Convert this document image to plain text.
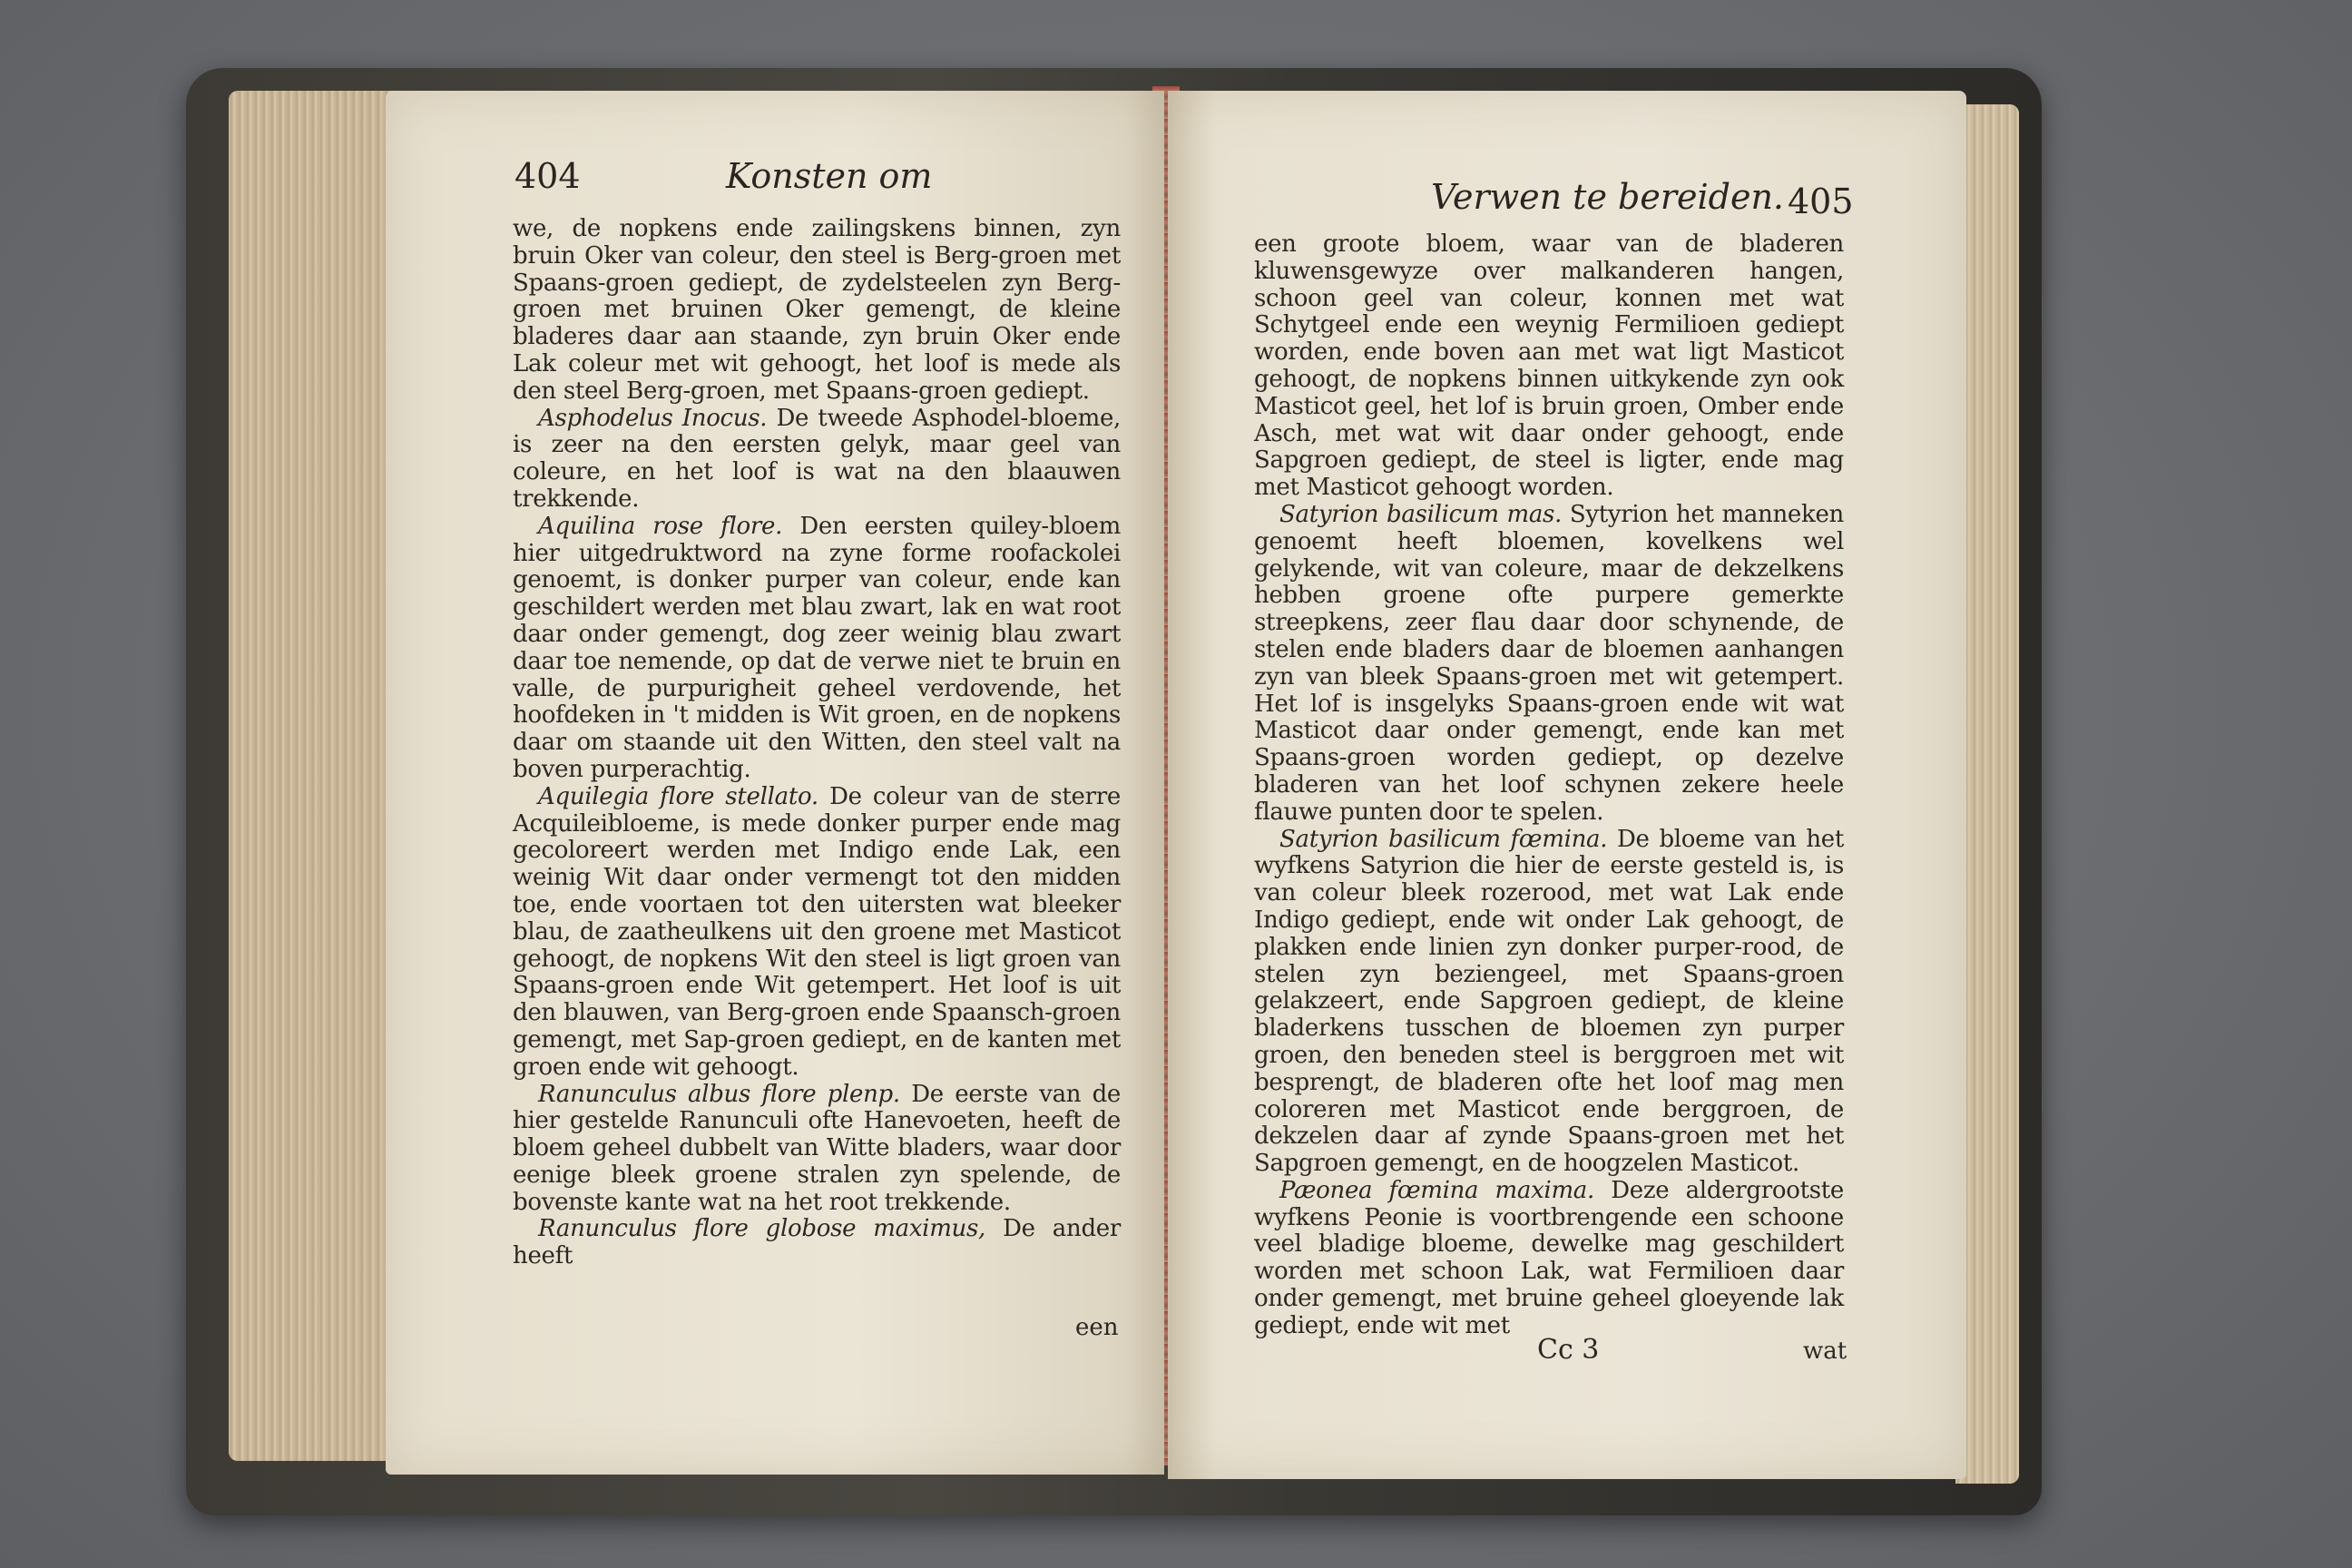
404	Konsten om

we, de nopkens ende zailingskens binnen, zyn bruin Oker van coleur, den steel is Berg-groen met Spaans-groen gediept, de zydelsteelen zyn Berg-groen met bruinen Oker gemengt, de kleine bladeres daar aan staande, zyn bruin Oker ende Lak coleur met wit gehoogt, het loof is mede als den steel Berg-groen, met Spaans-groen gediept.

Asphodelus Inocus. De tweede Asphodel-bloeme, is zeer na den eersten gelyk, maar geel van coleure, en het loof is wat na den blaauwen trekkende.

Aquilina rose flore. Den eersten quiley-bloem hier uitgedruktword na zyne forme roofackolei genoemt, is donker purper van coleur, ende kan geschildert werden met blau zwart, lak en wat root daar onder gemengt, dog zeer weinig blau zwart daar toe nemende, op dat de verwe niet te bruin en valle, de purpurigheit geheel verdovende, het hoofdeken in 't midden is Wit groen, en de nopkens daar om staande uit den Witten, den steel valt na boven purperachtig.

Aquilegia flore stellato. De coleur van de sterre Acquileibloeme, is mede donker purper ende mag gecoloreert werden met Indigo ende Lak, een weinig Wit daar onder vermengt tot den midden toe, ende voortaen tot den uitersten wat bleeker blau, de zaatheulkens uit den groene met Masticot gehoogt, de nopkens Wit den steel is ligt groen van Spaans-groen ende Wit getempert. Het loof is uit den blauwen, van Berg-groen ende Spaansch-groen gemengt, met Sap-groen gediept, en de kanten met groen ende wit gehoogt.

Ranunculus albus flore plenp. De eerste van de hier gestelde Ranunculi ofte Hanevoeten, heeft de bloem geheel dubbelt van Witte bladers, waar door eenige bleek groene stralen zyn spelende, de bovenste kante wat na het root trekkende.

Ranunculus flore globose maximus, De ander heeft

een
Verwen te bereiden. 405

een groote bloem, waar van de bladeren kluwensgewyze over malkanderen hangen, schoon geel van coleur, konnen met wat Schytgeel ende een weynig Fermilioen gediept worden, ende boven aan met wat ligt Masticot gehoogt, de nopkens binnen uitkykende zyn ook Masticot geel, het lof is bruin groen, Omber ende Asch, met wat wit daar onder gehoogt, ende Sapgroen gediept, de steel is ligter, ende mag met Masticot gehoogt worden.

Satyrion basilicum mas. Sytyrion het manneken genoemt heeft bloemen, kovelkens wel gelykende, wit van coleure, maar de dekzelkens hebben groene ofte purpere gemerkte streepkens, zeer flau daar door schynende, de stelen ende bladers daar de bloemen aanhangen zyn van bleek Spaans-groen met wit getempert. Het lof is insgelyks Spaans-groen ende wit wat Masticot daar onder gemengt, ende kan met Spaans-groen worden gediept, op dezelve bladeren van het loof schynen zekere heele flauwe punten door te spelen.

Satyrion basilicum fœmina. De bloeme van het wyfkens Satyrion die hier de eerste gesteld is, is van coleur bleek rozerood, met wat Lak ende Indigo gediept, ende wit onder Lak gehoogt, de plakken ende linien zyn donker purper-rood, de stelen zyn beziengeel, met Spaans-groen gelakzeert, ende Sapgroen gediept, de kleine bladerkens tusschen de bloemen zyn purper groen, den beneden steel is berggroen met wit besprengt, de bladeren ofte het loof mag men coloreren met Masticot ende berggroen, de dekzelen daar af zynde Spaans-groen met het Sapgroen gemengt, en de hoogzelen Masticot.

Pæonea fœmina maxima. Deze aldergrootste wyfkens Peonie is voortbrengende een schoone veel bladige bloeme, dewelke mag geschildert worden met schoon Lak, wat Fermilioen daar onder gemengt, met bruine geheel gloeyende lak gediept, ende wit met

Cc 3	wat
